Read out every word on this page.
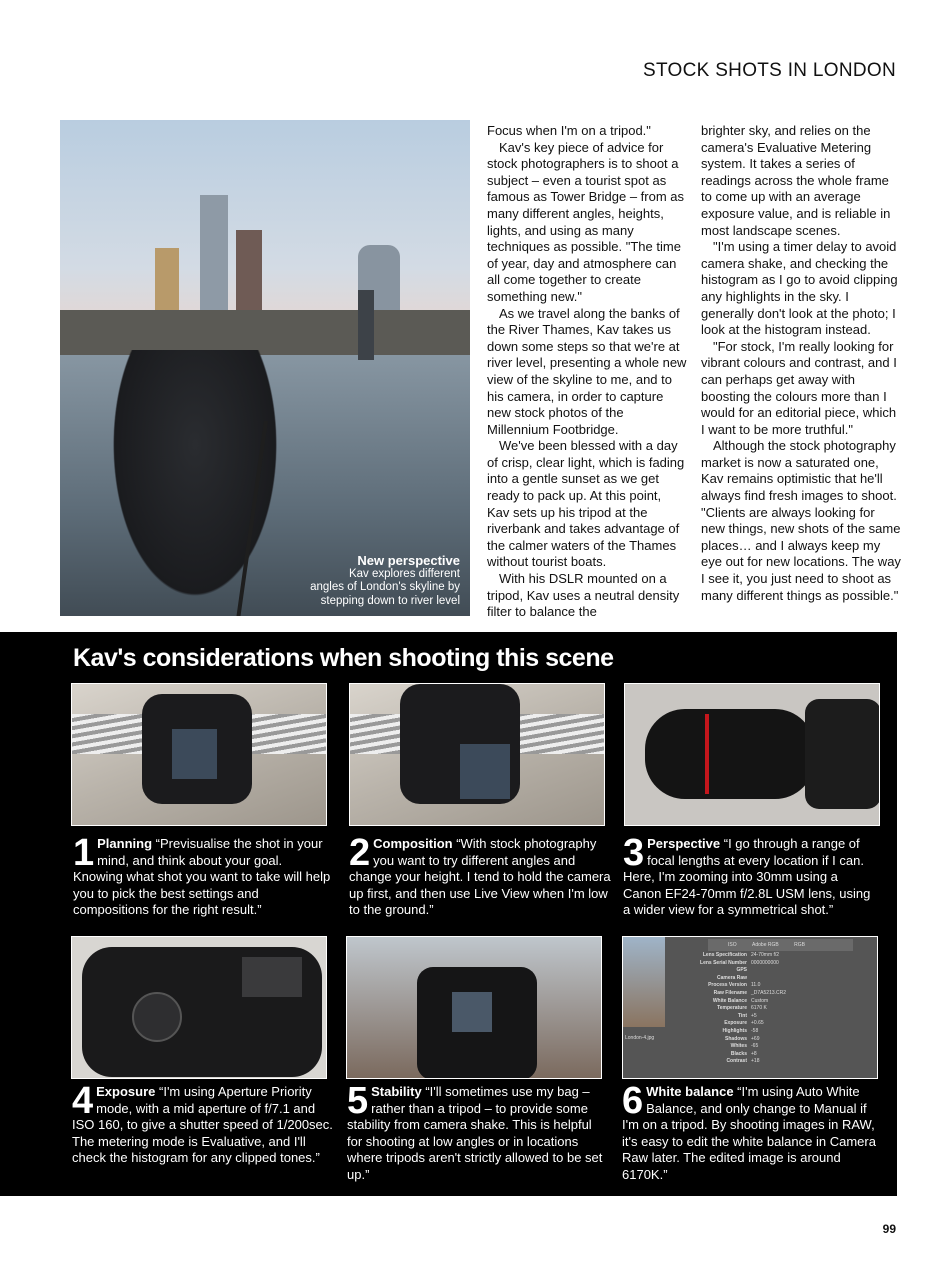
STOCK SHOTS IN LONDON
New perspective
Kav explores different
angles of London's skyline by
stepping down to river level

Focus when I'm on a tripod."

Kav's key piece of advice for stock photographers is to shoot a subject – even a tourist spot as famous as Tower Bridge – from as many different angles, heights, lights, and using as many techniques as possible. "The time of year, day and atmosphere can all come together to create something new."

As we travel along the banks of the River Thames, Kav takes us down some steps so that we're at river level, presenting a whole new view of the skyline to me, and to his camera, in order to capture new stock photos of the Millennium Footbridge.

We've been blessed with a day of crisp, clear light, which is fading into a gentle sunset as we get ready to pack up. At this point, Kav sets up his tripod at the riverbank and takes advantage of the calmer waters of the Thames without tourist boats.

With his DSLR mounted on a tripod, Kav uses a neutral density filter to balance the

brighter sky, and relies on the camera's Evaluative Metering system. It takes a series of readings across the whole frame to come up with an average exposure value, and is reliable in most landscape scenes.

"I'm using a timer delay to avoid camera shake, and checking the histogram as I go to avoid clipping any highlights in the sky. I generally don't look at the photo; I look at the histogram instead.

"For stock, I'm really looking for vibrant colours and contrast, and I can perhaps get away with boosting the colours more than I would for an editorial piece, which I want to be more truthful."

Although the stock photography market is now a saturated one, Kav remains optimistic that he'll always find fresh images to shoot. "Clients are always looking for new things, new shots of the same places… and I always keep my eye out for new locations. The way I see it, you just need to shoot as many different things as possible."

Kav's considerations when shooting this scene
1 Planning “Previsualise the shot in your mind, and think about your goal. Knowing what shot you want to take will help you to pick the best settings and compositions for the right result.”
2 Composition “With stock photography you want to try different angles and change your height. I tend to hold the camera up first, and then use Live View when I'm low to the ground.”
3 Perspective “I go through a range of focal lengths at every location if I can. Here, I'm zooming into 30mm using a Canon EF24-70mm f/2.8L USM lens, using a wider view for a symmetrical shot.”
ISO	Adobe RGB	RGB
Lens Specification 24-70mm f/2
Lens Serial Number 0000000000
GPS
Camera Raw
Process Version 11.0
Raw Filename _D7A5213.CR2
White Balance Custom
Temperature 6170 K
Tint +5
Exposure +0.65
Highlights -58
Shadows +69
Whites -65
Blacks +8
Contrast +18
London-4.jpg
4 Exposure “I'm using Aperture Priority mode, with a mid aperture of f/7.1 and ISO 160, to give a shutter speed of 1/200sec. The metering mode is Evaluative, and I'll check the histogram for any clipped tones.”
5 Stability “I'll sometimes use my bag – rather than a tripod – to provide some stability from camera shake. This is helpful for shooting at low angles or in locations where tripods aren't strictly allowed to be set up.”
6 White balance “I'm using Auto White Balance, and only change to Manual if I'm on a tripod. By shooting images in RAW, it's easy to edit the white balance in Camera Raw later. The edited image is around 6170K.”
99
